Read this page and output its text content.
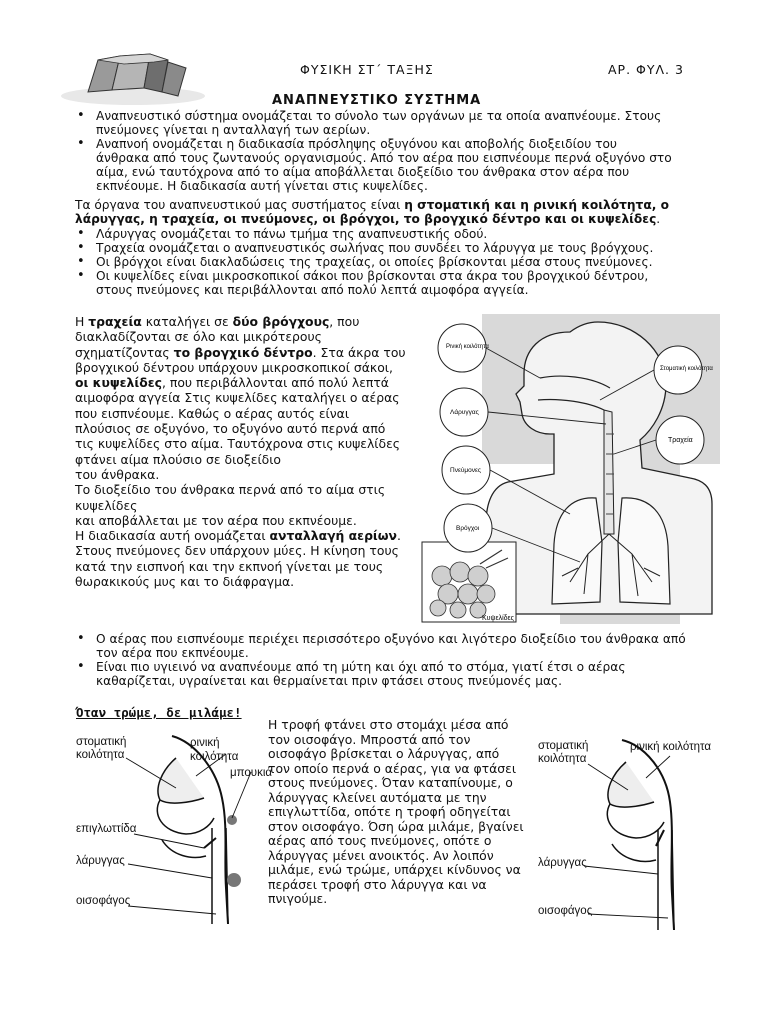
ΦΥΣΙΚΗ ΣΤ΄ ΤΑΞΗΣ	ΑΡ. ΦΥΛ. 3
ΑΝΑΠΝΕΥΣΤΙΚΟ ΣΥΣΤΗΜΑ
• Αναπνευστικό σύστημα ονομάζεται το σύνολο των οργάνων με τα οποία αναπνέουμε. Στους πνεύμονες γίνεται η ανταλλαγή των αερίων.
• Αναπνοή ονομάζεται η διαδικασία πρόσληψης οξυγόνου και αποβολής διοξειδίου του άνθρακα από τους ζωντανούς οργανισμούς. Από τον αέρα που εισπνέουμε περνά οξυγόνο στο αίμα, ενώ ταυτόχρονα από το αίμα αποβάλλεται διοξείδιο του άνθρακα στον αέρα που εκπνέουμε. Η διαδικασία αυτή γίνεται στις κυψελίδες.

Τα όργανα του αναπνευστικού μας συστήματος είναι η στοματική και η ρινική κοιλότητα, ο λάρυγγας, η τραχεία, οι πνεύμονες, οι βρόγχοι, το βρογχικό δέντρο και οι κυψελίδες.

• Λάρυγγας ονομάζεται το πάνω τμήμα της αναπνευστικής οδού.
• Τραχεία ονομάζεται ο αναπνευστικός σωλήνας που συνδέει το λάρυγγα με τους βρόγχους.
• Οι βρόγχοι είναι διακλαδώσεις της τραχείας, οι οποίες βρίσκονται μέσα στους πνεύμονες.
• Οι κυψελίδες είναι μικροσκοπικοί σάκοι που βρίσκονται στα άκρα του βρογχικού δέντρου, στους πνεύμονες και περιβάλλονται από πολύ λεπτά αιμοφόρα αγγεία.
Η τραχεία καταλήγει σε δύο βρόγχους, που διακλαδίζονται σε όλο και μικρότερους σχηματίζοντας το βρογχικό δέντρο. Στα άκρα του βρογχικού δέντρου υπάρχουν μικροσκοπικοί σάκοι, οι κυψελίδες, που περιβάλλονται από πολύ λεπτά αιμοφόρα αγγεία Στις κυψελίδες καταλήγει ο αέρας που εισπνέουμε. Καθώς ο αέρας αυτός είναι πλούσιος σε οξυγόνο, το οξυγόνο αυτό περνά από τις κυψελίδες στο αίμα. Ταυτόχρονα στις κυψελίδες φτάνει αίμα πλούσιο σε διοξείδιο
του άνθρακα.
Το διοξείδιο του άνθρακα περνά από το αίμα στις κυψελίδες
και αποβάλλεται με τον αέρα που εκπνέουμε.
Η διαδικασία αυτή ονομάζεται ανταλλαγή αερίων.
Στους πνεύμονες δεν υπάρχουν μύες. Η κίνηση τους κατά την εισπνοή και την εκπνοή γίνεται με τους θωρακικούς μυς και το διάφραγμα.
Κυψελίδες
Ρινική κοιλότητα
Στοματική κοιλότητα
Λάρυγγας
Τραχεία
Πνεύμονες
Βρόγχοι
• Ο αέρας που εισπνέουμε περιέχει περισσότερο οξυγόνο και λιγότερο διοξείδιο του άνθρακα από τον αέρα που εκπνέουμε.
• Είναι πιο υγιεινό να αναπνέουμε από τη μύτη και όχι από το στόμα, γιατί έτσι ο αέρας καθαρίζεται, υγραίνεται και θερμαίνεται πριν φτάσει στους πνεύμονές μας.
Όταν τρώμε, δε μιλάμε!
Η τροφή φτάνει στο στομάχι μέσα από τον οισοφάγο. Μπροστά από τον οισοφάγο βρίσκεται ο λάρυγγας, από τον οποίο περνά ο αέρας, για να φτάσει στους πνεύμονες. Όταν καταπίνουμε, ο λάρυγγας κλείνει αυτόματα με την επιγλωττίδα, οπότε η τροφή οδηγείται στον οισοφάγο. Όση ώρα μιλάμε, βγαίνει αέρας από τους πνεύμονες, οπότε ο λάρυγγας μένει ανοικτός. Αν λοιπόν μιλάμε, ενώ τρώμε, υπάρχει κίνδυνος να περάσει τροφή στο λάρυγγα και να πνιγούμε.
στοματική κοιλότητα
ρινική κοιλότητα
μπουκιά
επιγλωττίδα
λάρυγγας
οισοφάγος
στοματική κοιλότητα
ρινική κοιλότητα
λάρυγγας
οισοφάγος
